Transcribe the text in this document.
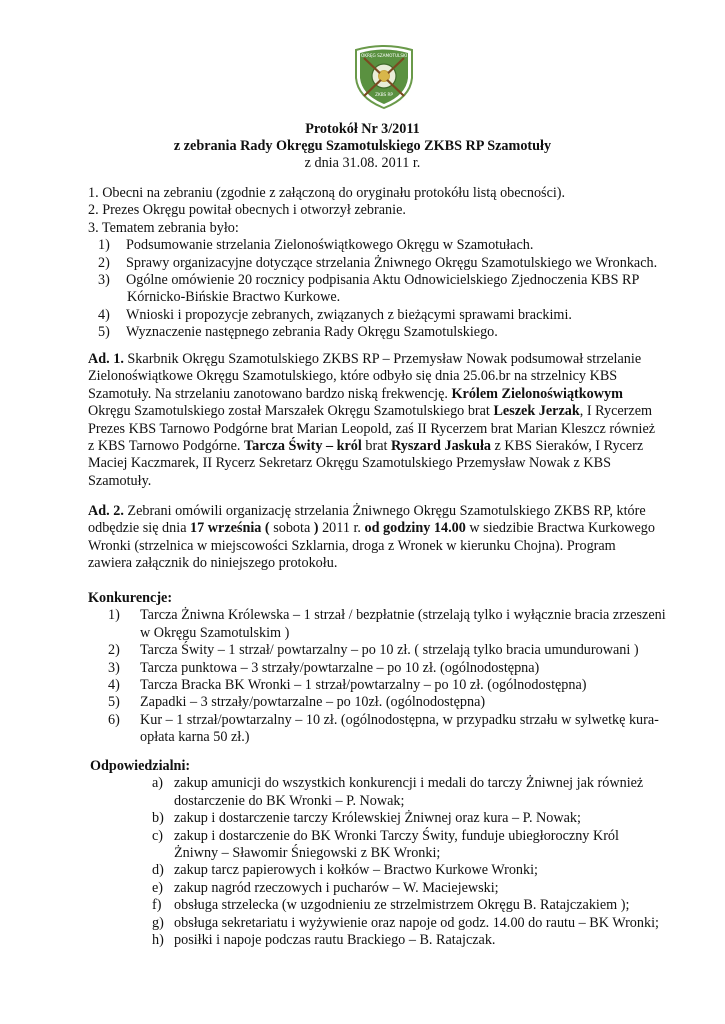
OKRĘG SZAMOTULSKI
ZKBS RP
Protokół Nr 3/2011
z zebrania Rady Okręgu Szamotulskiego ZKBS RP Szamotuły
z dnia 31.08. 2011 r.
1. Obecni na zebraniu (zgodnie z załączoną do oryginału protokółu listą obecności).
2. Prezes Okręgu powitał obecnych i otworzył zebranie.
3. Tematem zebrania było:
1) Podsumowanie strzelania Zielonoświątkowego Okręgu w Szamotułach.
2) Sprawy organizacyjne dotyczące strzelania Żniwnego Okręgu Szamotulskiego we Wronkach.
3) Ogólne omówienie 20 rocznicy podpisania Aktu Odnowicielskiego Zjednoczenia KBS RP
Kórnicko-Bińskie Bractwo Kurkowe.
4) Wnioski i propozycje zebranych, związanych z bieżącymi sprawami brackimi.
5) Wyznaczenie następnego zebrania Rady Okręgu Szamotulskiego.
Ad. 1. Skarbnik Okręgu Szamotulskiego ZKBS RP – Przemysław Nowak podsumował strzelanie
Zielonoświątkowe Okręgu Szamotulskiego, które odbyło się dnia 25.06.br na strzelnicy KBS
Szamotuły. Na strzelaniu zanotowano bardzo niską frekwencję. Królem Zielonoświątkowym
Okręgu Szamotulskiego został Marszałek Okręgu Szamotulskiego brat Leszek Jerzak, I Rycerzem
Prezes KBS Tarnowo Podgórne brat Marian Leopold, zaś II Rycerzem brat Marian Kleszcz również
z KBS Tarnowo Podgórne. Tarcza Świty – król brat Ryszard Jaskuła z KBS Sieraków, I Rycerz
Maciej Kaczmarek, II Rycerz Sekretarz Okręgu Szamotulskiego Przemysław Nowak z KBS
Szamotuły.
Ad. 2. Zebrani omówili organizację strzelania Żniwnego Okręgu Szamotulskiego ZKBS RP, które
odbędzie się dnia 17 września ( sobota ) 2011 r. od godziny 14.00 w siedzibie Bractwa Kurkowego
Wronki (strzelnica w miejscowości Szklarnia, droga z Wronek w kierunku Chojna). Program
zawiera załącznik do niniejszego protokołu.
Konkurencje:
1) Tarcza Żniwna Królewska – 1 strzał / bezpłatnie (strzelają tylko i wyłącznie bracia zrzeszeni
w Okręgu Szamotulskim )
2) Tarcza Świty – 1 strzał/ powtarzalny – po 10 zł. ( strzelają tylko bracia umundurowani )
3) Tarcza punktowa – 3 strzały/powtarzalne – po 10 zł. (ogólnodostępna)
4) Tarcza Bracka BK Wronki – 1 strzał/powtarzalny – po 10 zł. (ogólnodostępna)
5) Zapadki – 3 strzały/powtarzalne – po 10zł. (ogólnodostępna)
6) Kur – 1 strzał/powtarzalny – 10 zł. (ogólnodostępna, w przypadku strzału w sylwetkę kura-
opłata karna 50 zł.)
Odpowiedzialni:
a) zakup amunicji do wszystkich konkurencji i medali do tarczy Żniwnej jak również
dostarczenie do BK Wronki – P. Nowak;
b) zakup i dostarczenie tarczy Królewskiej Żniwnej oraz kura – P. Nowak;
c) zakup i dostarczenie do BK Wronki Tarczy Świty, funduje ubiegłoroczny Król
Żniwny – Sławomir Śniegowski z BK Wronki;
d) zakup tarcz papierowych i kołków – Bractwo Kurkowe Wronki;
e) zakup nagród rzeczowych i pucharów – W. Maciejewski;
f) obsługa strzelecka (w uzgodnieniu ze strzelmistrzem Okręgu B. Ratajczakiem );
g) obsługa sekretariatu i wyżywienie oraz napoje od godz. 14.00 do rautu – BK Wronki;
h) posiłki i napoje podczas rautu Brackiego – B. Ratajczak.
